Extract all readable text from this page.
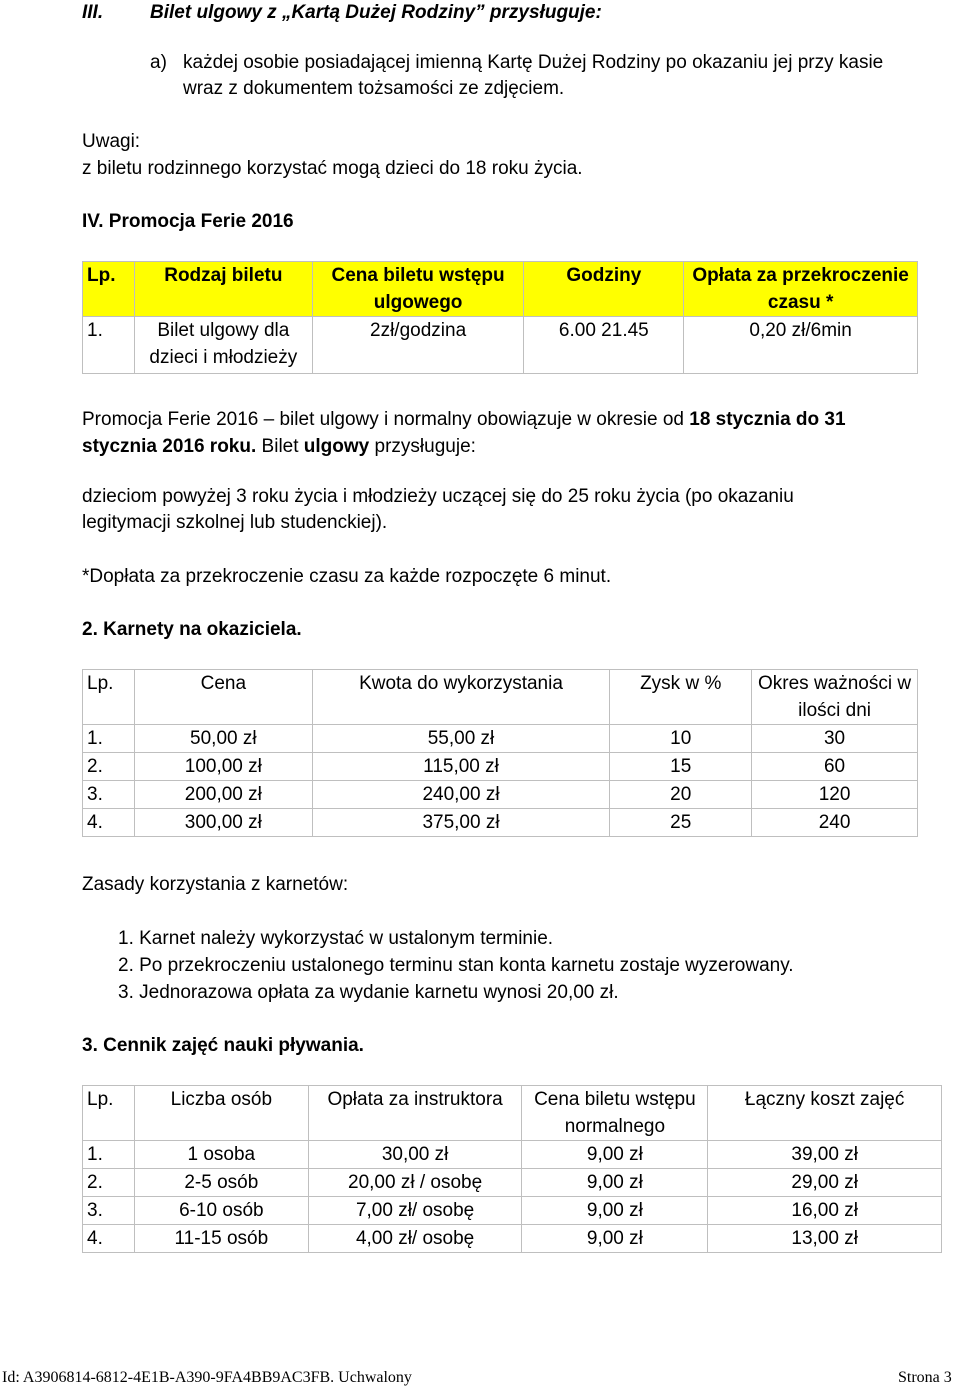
III. Bilet ulgowy z „Kartą Dużej Rodziny” przysługuje:
a) każdej osobie posiadającej imienną Kartę Dużej Rodziny po okazaniu jej przy kasie
wraz z dokumentem tożsamości ze zdjęciem.
Uwagi:
z biletu rodzinnego korzystać mogą dzieci do 18 roku życia.
IV. Promocja Ferie 2016
Lp.	Rodzaj biletu	Cena biletu wstępu ulgowego	Godziny	Opłata za przekroczenie czasu *
1.	Bilet ulgowy dla dzieci i młodzieży	2zł/godzina	6.00 21.45	0,20 zł/6min
Promocja Ferie 2016 – bilet ulgowy i normalny obowiązuje w okresie od 18 stycznia do 31 stycznia 2016 roku. Bilet ulgowy przysługuje:
dzieciom powyżej 3 roku życia i młodzieży uczącej się do 25 roku życia (po okazaniu
legitymacji szkolnej lub studenckiej).
*Dopłata za przekroczenie czasu za każde rozpoczęte 6 minut.
2. Karnety na okaziciela.
Lp.	Cena	Kwota do wykorzystania	Zysk w %	Okres ważności w ilości dni
1.	50,00 zł	55,00 zł	10	30
2.	100,00 zł	115,00 zł	15	60
3.	200,00 zł	240,00 zł	20	120
4.	300,00 zł	375,00 zł	25	240
Zasady korzystania z karnetów:
1. Karnet należy wykorzystać w ustalonym terminie.
2. Po przekroczeniu ustalonego terminu stan konta karnetu zostaje wyzerowany.
3. Jednorazowa opłata za wydanie karnetu wynosi 20,00 zł.
3. Cennik zajęć nauki pływania.
Lp.	Liczba osób	Opłata za instruktora	Cena biletu wstępu normalnego	Łączny koszt zajęć
1.	1 osoba	30,00 zł	9,00 zł	39,00 zł
2.	2-5 osób	20,00 zł / osobę	9,00 zł	29,00 zł
3.	6-10 osób	7,00 zł/ osobę	9,00 zł	16,00 zł
4.	11-15 osób	4,00 zł/ osobę	9,00 zł	13,00 zł
Id: A3906814-6812-4E1B-A390-9FA4BB9AC3FB. Uchwalony	Strona 3
